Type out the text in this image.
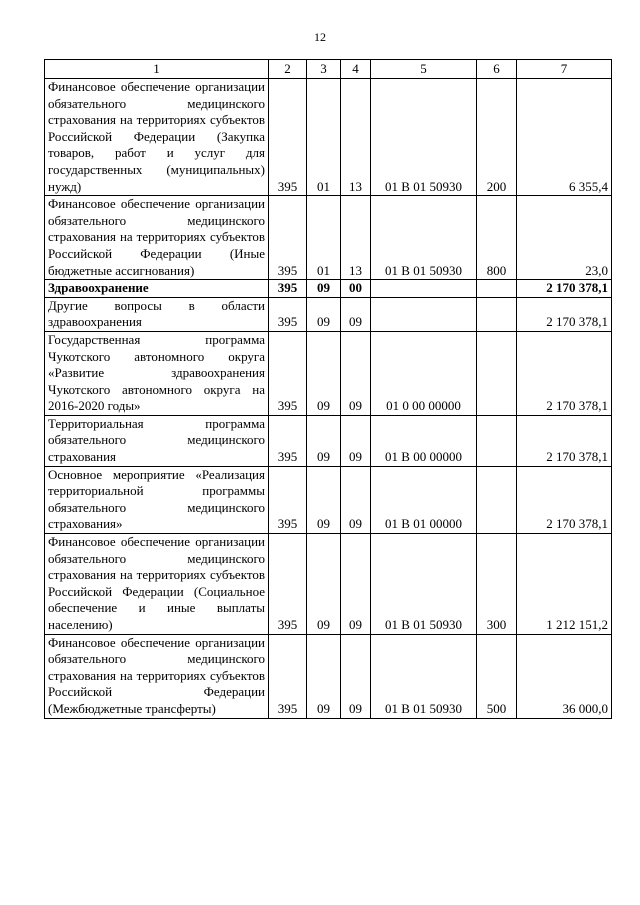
12
1	2	3	4	5	6	7
Финансовое обеспечение организации обязательного медицинского страхования на территориях субъектов Российской Федерации (Закупка товаров, работ и услуг для государственных (муниципальных) нужд)	395	01	13	01 В 01 50930	200	6 355,4
Финансовое обеспечение организации обязательного медицинского страхования на территориях субъектов Российской Федерации (Иные бюджетные ассигнования)	395	01	13	01 В 01 50930	800	23,0
Здравоохранение	395	09	00			2 170 378,1
Другие вопросы в области здравоохранения	395	09	09			2 170 378,1
Государственная программа Чукотского автономного округа «Развитие здравоохранения Чукотского автономного округа на 2016-2020 годы»	395	09	09	01 0 00 00000		2 170 378,1
Территориальная программа обязательного медицинского страхования	395	09	09	01 В 00 00000		2 170 378,1
Основное мероприятие «Реализация территориальной программы обязательного медицинского страхования»	395	09	09	01 В 01 00000		2 170 378,1
Финансовое обеспечение организации обязательного медицинского страхования на территориях субъектов Российской Федерации (Социальное обеспечение и иные выплаты населению)	395	09	09	01 В 01 50930	300	1 212 151,2
Финансовое обеспечение организации обязательного медицинского страхования на территориях субъектов Российской Федерации (Межбюджетные трансферты)	395	09	09	01 В 01 50930	500	36 000,0
